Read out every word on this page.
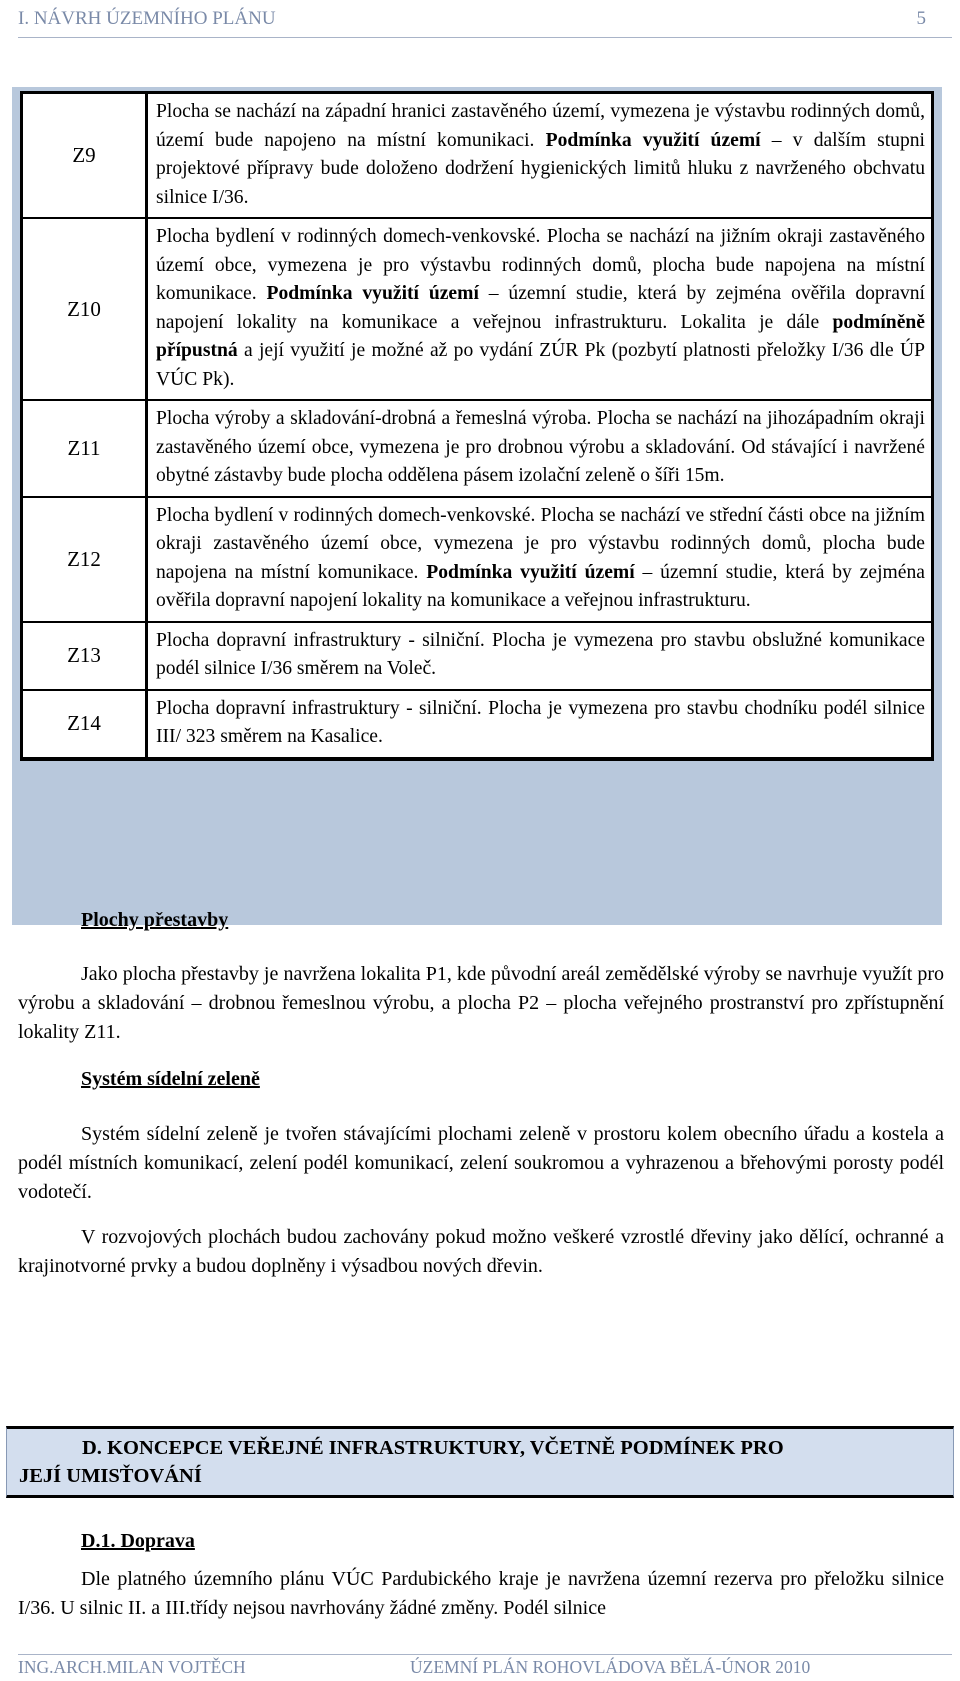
I. NÁVRH ÚZEMNÍHO PLÁNU	5
Z9	Plocha se nachází na západní hranici zastavěného území, vymezena je výstavbu rodinných domů, území bude napojeno na místní komunikaci. Podmínka využití území – v dalším stupni projektové přípravy bude doloženo dodržení hygienických limitů hluku z navrženého obchvatu silnice I/36.
Z10	Plocha bydlení v rodinných domech-venkovské. Plocha se nachází na jižním okraji zastavěného území obce, vymezena je pro výstavbu rodinných domů, plocha bude napojena na místní komunikace. Podmínka využití území – územní studie, která by zejména ověřila dopravní napojení lokality na komunikace a veřejnou infrastrukturu. Lokalita je dále podmíněně přípustná a její využití je možné až po vydání ZÚR Pk (pozbytí platnosti přeložky I/36 dle ÚP VÚC Pk).
Z11	Plocha výroby a skladování-drobná a řemeslná výroba. Plocha se nachází na jihozápadním okraji zastavěného území obce, vymezena je pro drobnou výrobu a skladování. Od stávající i navržené obytné zástavby bude plocha oddělena pásem izolační zeleně o šíři 15m.
Z12	Plocha bydlení v rodinných domech-venkovské. Plocha se nachází ve střední části obce na jižním okraji zastavěného území obce, vymezena je pro výstavbu rodinných domů, plocha bude napojena na místní komunikace. Podmínka využití území – územní studie, která by zejména ověřila dopravní napojení lokality na komunikace a veřejnou infrastrukturu.
Z13	Plocha dopravní infrastruktury - silniční. Plocha je vymezena pro stavbu obslužné komunikace podél silnice I/36 směrem na Voleč.
Z14	Plocha dopravní infrastruktury - silniční. Plocha je vymezena pro stavbu chodníku podél silnice III/ 323 směrem na Kasalice.
Plochy přestavby
Jako plocha přestavby je navržena lokalita P1, kde původní areál zemědělské výroby se navrhuje využít pro výrobu a skladování – drobnou řemeslnou výrobu, a plocha P2 – plocha veřejného prostranství pro zpřístupnění lokality Z11.
Systém sídelní zeleně
Systém sídelní zeleně je tvořen stávajícími plochami zeleně v prostoru kolem obecního úřadu a kostela a podél místních komunikací, zelení podél komunikací, zelení soukromou a vyhrazenou a břehovými porosty podél vodotečí.
V rozvojových plochách budou zachovány pokud možno veškeré vzrostlé dřeviny jako dělící, ochranné a krajinotvorné prvky a budou doplněny i výsadbou nových dřevin.
D. KONCEPCE VEŘEJNÉ INFRASTRUKTURY, VČETNĚ PODMÍNEK PRO
JEJÍ UMISŤOVÁNÍ
D.1. Doprava
Dle platného územního plánu VÚC Pardubického kraje je navržena územní rezerva pro přeložku silnice I/36. U silnic II. a III.třídy nejsou navrhovány žádné změny. Podél silnice
ING.ARCH.MILAN VOJTĚCH	ÚZEMNÍ PLÁN ROHOVLÁDOVA BĚLÁ-ÚNOR 2010
